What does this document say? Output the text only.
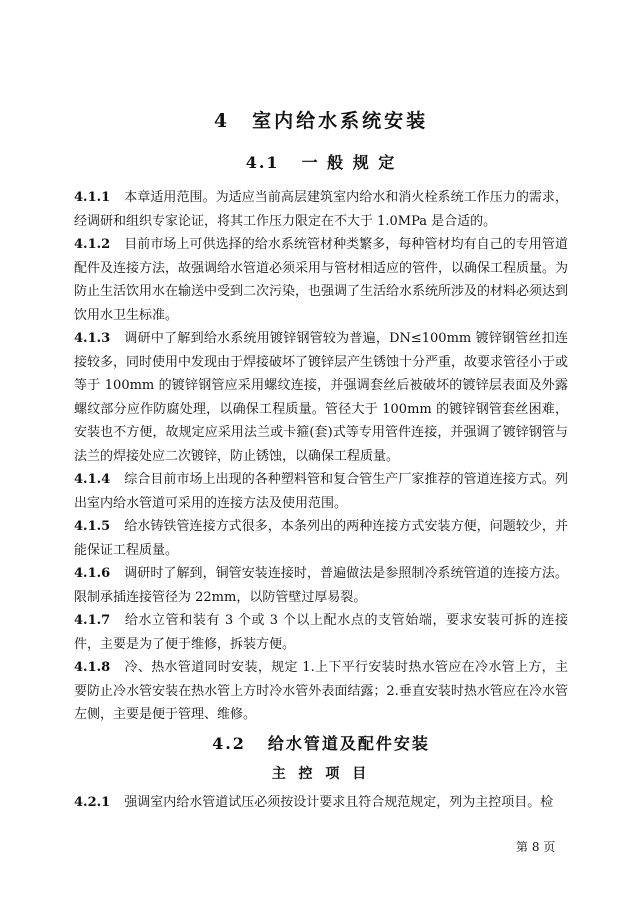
4 室内给水系统安装
4.1 一 般 规 定

4.1.1 本章适用范围。为适应当前高层建筑室内给水和消火栓系统工作压力的需求，经调研和组织专家论证，将其工作压力限定在不大于 1.0MPa 是合适的。

4.1.2 目前市场上可供选择的给水系统管材种类繁多，每种管材均有自己的专用管道配件及连接方法，故强调给水管道必须采用与管材相适应的管件，以确保工程质量。为防止生活饮用水在输送中受到二次污染，也强调了生活给水系统所涉及的材料必须达到饮用水卫生标准。

4.1.3 调研中了解到给水系统用镀锌钢管较为普遍，DN≤100mm 镀锌钢管丝扣连接较多，同时使用中发现由于焊接破坏了镀锌层产生锈蚀十分严重，故要求管径小于或等于 100mm 的镀锌钢管应采用螺纹连接，并强调套丝后被破坏的镀锌层表面及外露螺纹部分应作防腐处理，以确保工程质量。管径大于 100mm 的镀锌钢管套丝困难，安装也不方便，故规定应采用法兰或卡箍(套)式等专用管件连接，并强调了镀锌钢管与法兰的焊接处应二次镀锌，防止锈蚀，以确保工程质量。

4.1.4 综合目前市场上出现的各种塑料管和复合管生产厂家推荐的管道连接方式。列出室内给水管道可采用的连接方法及使用范围。

4.1.5 给水铸铁管连接方式很多，本条列出的两种连接方式安装方便，问题较少，并能保证工程质量。

4.1.6 调研时了解到，铜管安装连接时，普遍做法是参照制冷系统管道的连接方法。限制承插连接管径为 22mm，以防管壁过厚易裂。

4.1.7 给水立管和装有 3 个或 3 个以上配水点的支管始端，要求安装可拆的连接件，主要是为了便于维修，拆装方便。

4.1.8 冷、热水管道同时安装，规定 1.上下平行安装时热水管应在冷水管上方，主要防止冷水管安装在热水管上方时冷水管外表面结露；2.垂直安装时热水管应在冷水管左侧，主要是便于管理、维修。

4.2 给水管道及配件安装
主 控 项 目

4.2.1 强调室内给水管道试压必须按设计要求且符合规范规定，列为主控项目。检

第 8 页
